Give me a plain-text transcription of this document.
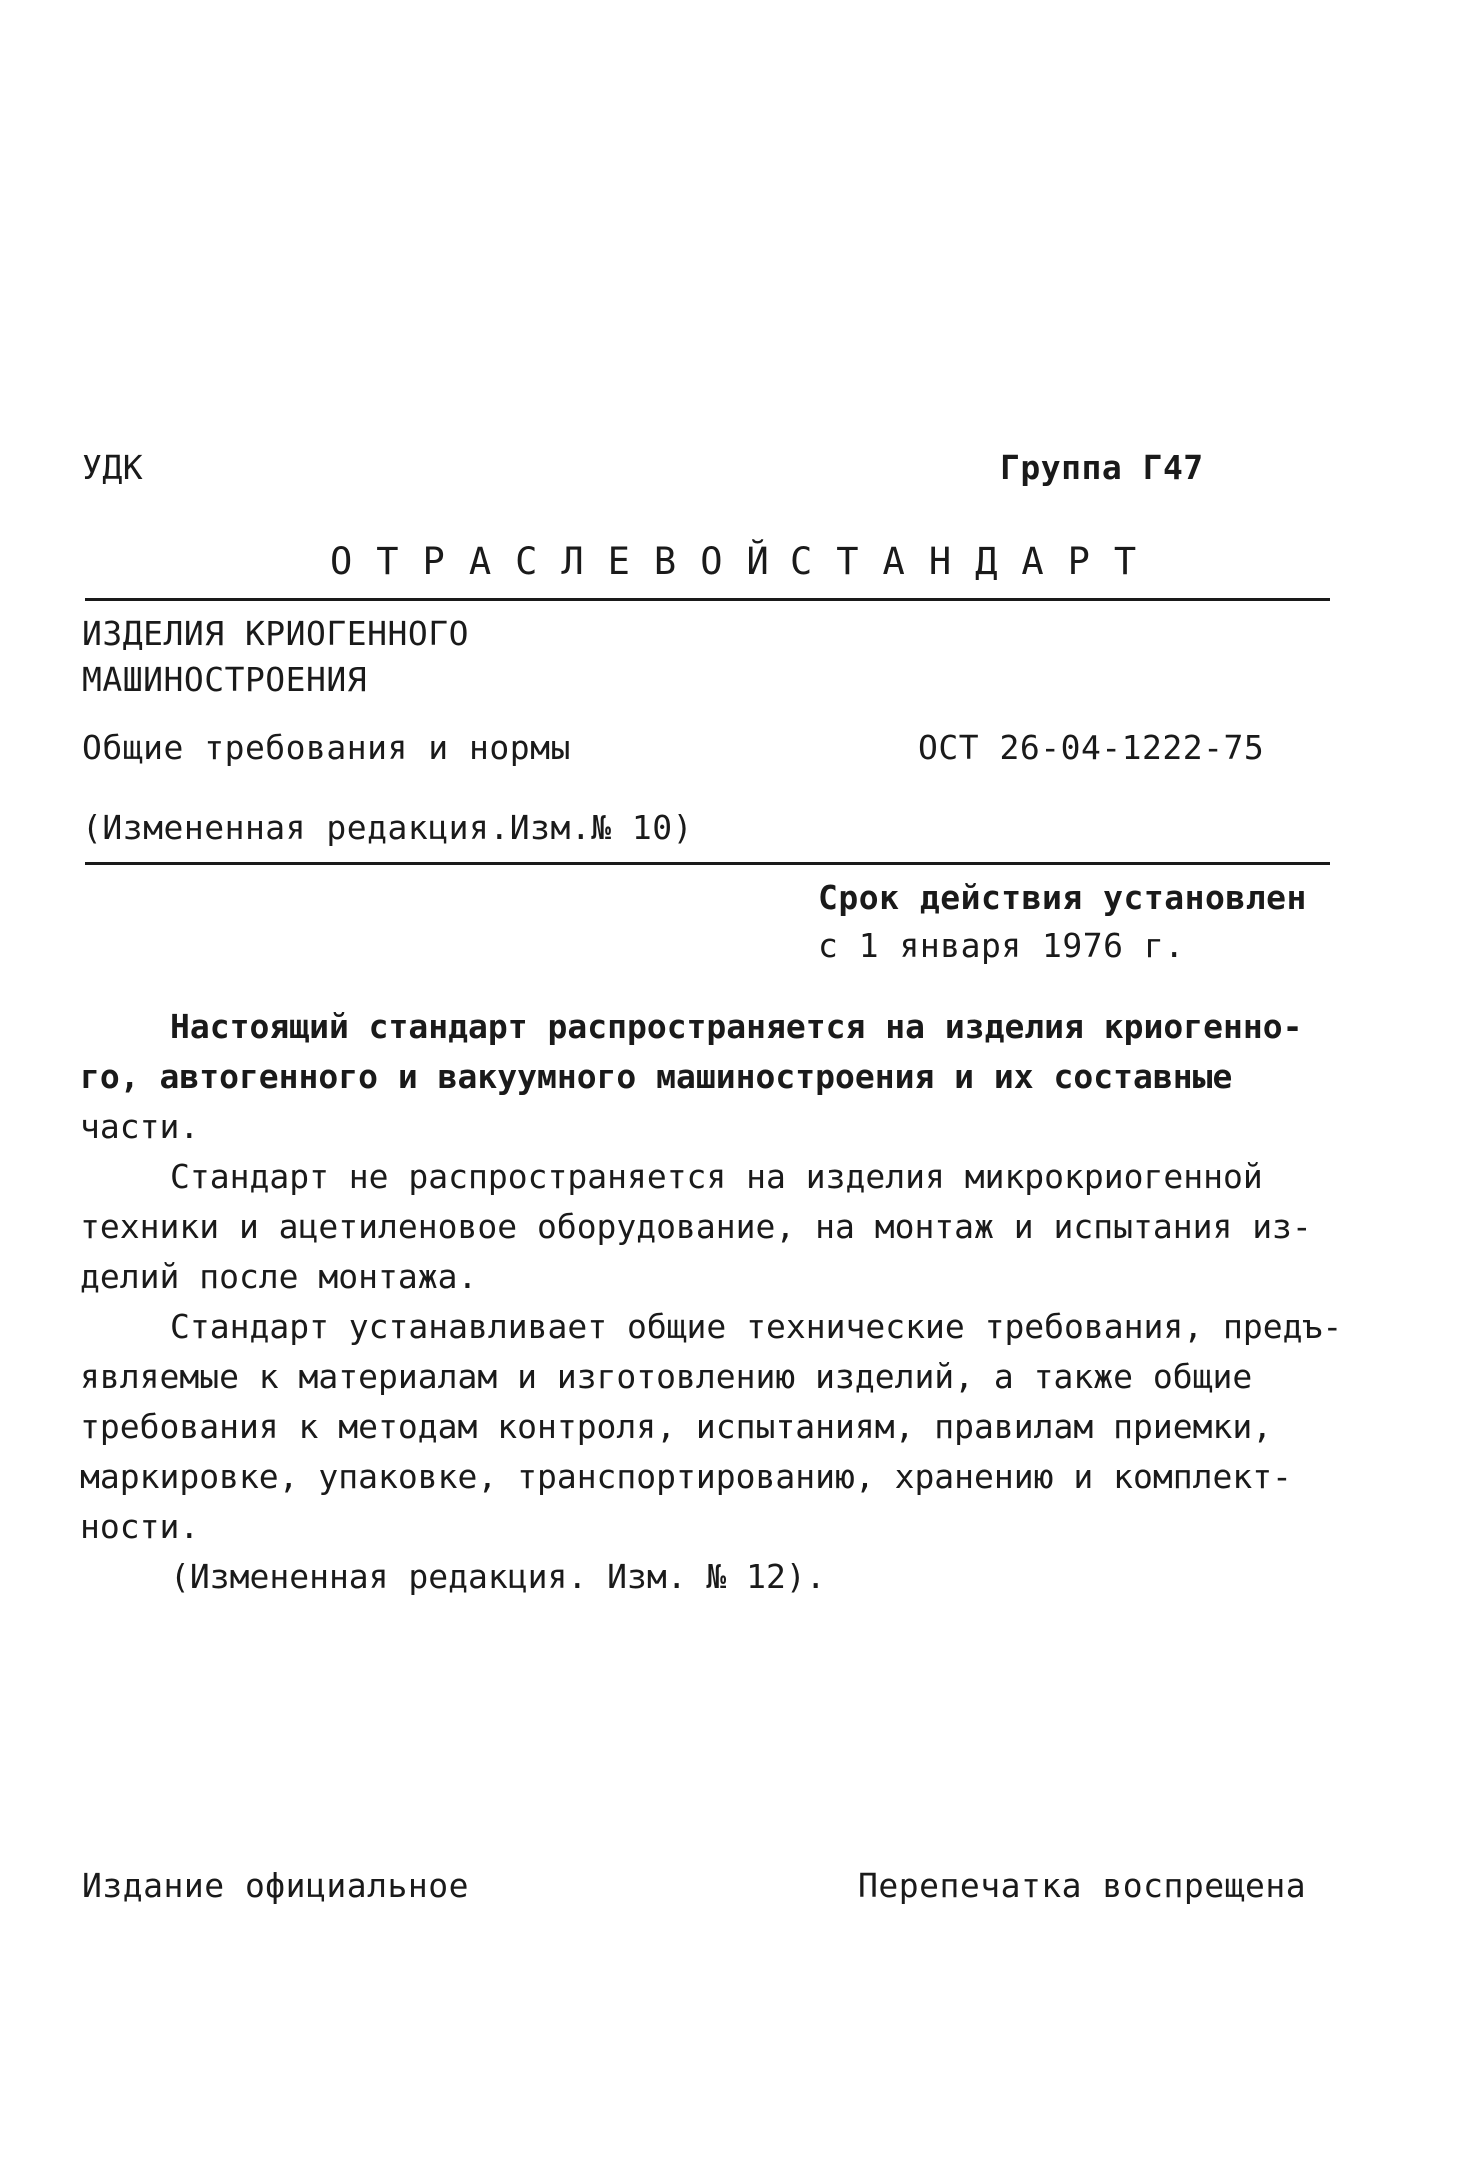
УДК	Группа Г47
ОТРАСЛЕВОЙ
СТАНДАРТ
ИЗДЕЛИЯ КРИОГЕННОГО
МАШИНОСТРОЕНИЯ
Общие требования и нормы	ОСТ 26-04-1222-75
(Измененная редакция.Изм.№ 10)
Срок действия установлен
с 1 января 1976 г.
Настоящий стандарт распространяется на изделия криогенно-
го, автогенного и вакуумного машиностроения и их составные
части.
Стандарт не распространяется на изделия микрокриогенной
техники и ацетиленовое оборудование, на монтаж и испытания из-
делий после монтажа.
Стандарт устанавливает общие технические требования, предъ-
являемые к материалам и изготовлению изделий, а также общие
требования к методам контроля, испытаниям, правилам приемки,
маркировке, упаковке, транспортированию, хранению и комплект-
ности.
(Измененная редакция. Изм. № 12).
Издание официальное	Перепечатка воспрещена
